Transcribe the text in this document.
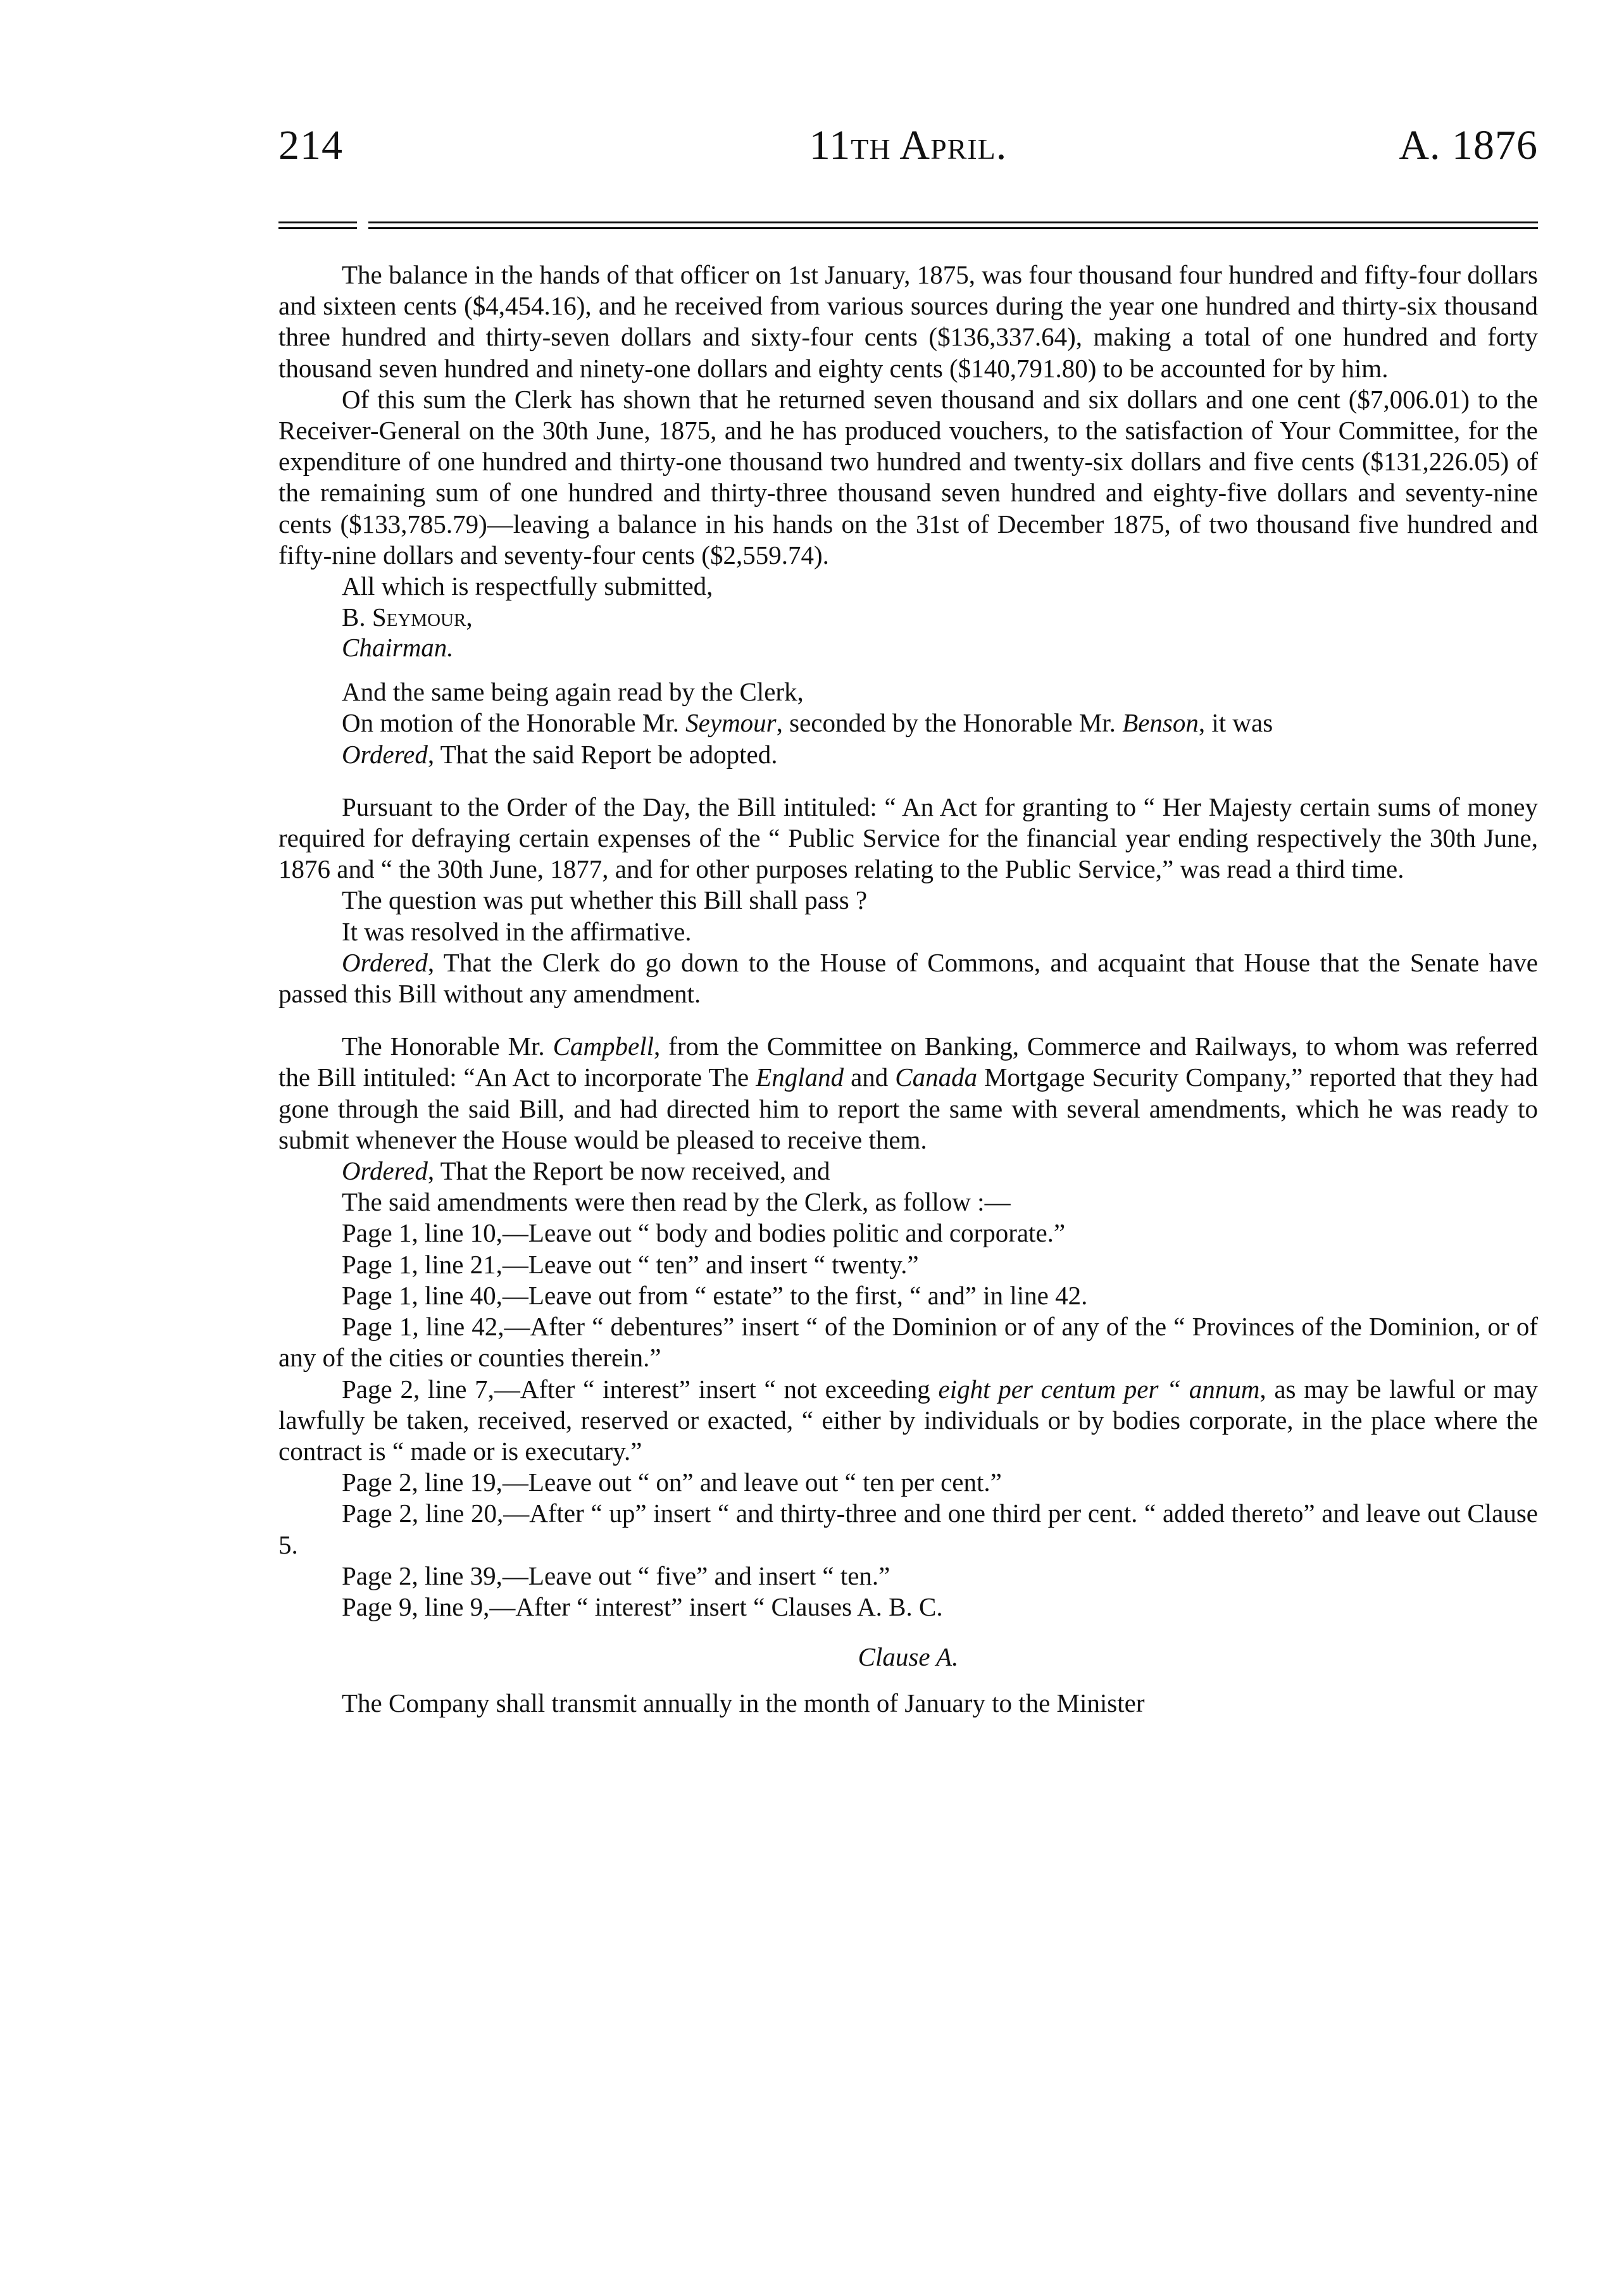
214	11th April.	A. 1876

The balance in the hands of that officer on 1st January, 1875, was four thousand four hundred and fifty-four dollars and sixteen cents ($4,454.16), and he received from various sources during the year one hundred and thirty-six thousand three hundred and thirty-seven dollars and sixty-four cents ($136,337.64), making a total of one hundred and forty thousand seven hundred and ninety-one dollars and eighty cents ($140,791.80) to be accounted for by him.

Of this sum the Clerk has shown that he returned seven thousand and six dollars and one cent ($7,006.01) to the Receiver-General on the 30th June, 1875, and he has produced vouchers, to the satisfaction of Your Committee, for the expenditure of one hundred and thirty-one thousand two hundred and twenty-six dollars and five cents ($131,226.05) of the remaining sum of one hundred and thirty-three thousand seven hundred and eighty-five dollars and seventy-nine cents ($133,785.79)—leaving a balance in his hands on the 31st of December 1875, of two thousand five hundred and fifty-nine dollars and seventy-four cents ($2,559.74).

All which is respectfully submitted,

B. Seymour,

Chairman.

And the same being again read by the Clerk,

On motion of the Honorable Mr. Seymour, seconded by the Honorable Mr. Benson, it was

Ordered, That the said Report be adopted.

Pursuant to the Order of the Day, the Bill intituled: “ An Act for granting to “ Her Majesty certain sums of money required for defraying certain expenses of the “ Public Service for the financial year ending respectively the 30th June, 1876 and “ the 30th June, 1877, and for other purposes relating to the Public Service,” was read a third time.

The question was put whether this Bill shall pass ?

It was resolved in the affirmative.

Ordered, That the Clerk do go down to the House of Commons, and acquaint that House that the Senate have passed this Bill without any amendment.

The Honorable Mr. Campbell, from the Committee on Banking, Commerce and Railways, to whom was referred the Bill intituled: “An Act to incorporate The England and Canada Mortgage Security Company,” reported that they had gone through the said Bill, and had directed him to report the same with several amendments, which he was ready to submit whenever the House would be pleased to receive them.

Ordered, That the Report be now received, and

The said amendments were then read by the Clerk, as follow :—

Page 1, line 10,—Leave out “ body and bodies politic and corporate.”

Page 1, line 21,—Leave out “ ten” and insert “ twenty.”

Page 1, line 40,—Leave out from “ estate” to the first, “ and” in line 42.

Page 1, line 42,—After “ debentures” insert “ of the Dominion or of any of the “ Provinces of the Dominion, or of any of the cities or counties therein.”

Page 2, line 7,—After “ interest” insert “ not exceeding eight per centum per “ annum, as may be lawful or may lawfully be taken, received, reserved or exacted, “ either by individuals or by bodies corporate, in the place where the contract is “ made or is executary.”

Page 2, line 19,—Leave out “ on” and leave out “ ten per cent.”

Page 2, line 20,—After “ up” insert “ and thirty-three and one third per cent. “ added thereto” and leave out Clause 5.

Page 2, line 39,—Leave out “ five” and insert “ ten.”

Page 9, line 9,—After “ interest” insert “ Clauses A. B. C.

Clause A.

The Company shall transmit annually in the month of January to the Minister
